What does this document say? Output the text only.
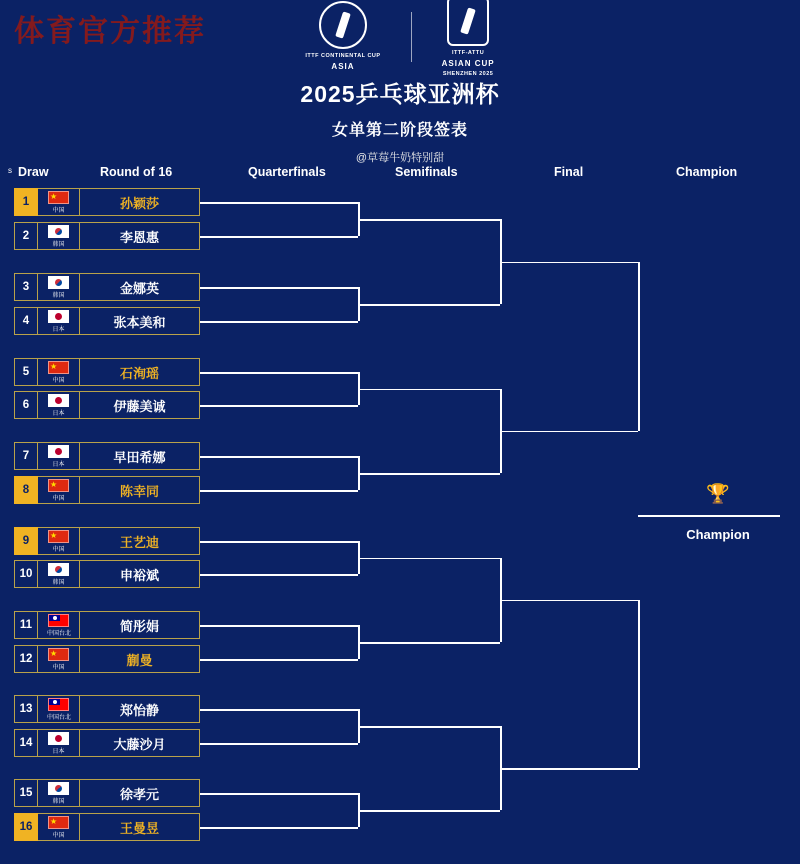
体育官方推荐
ITTF CONTINENTAL CUP
ASIA
ITTF-ATTU
ASIAN CUP
SHENZHEN 2025
2025乒乓球亚洲杯
女单第二阶段签表
@草莓牛奶特别甜
s Draw	Round of 16	Quarterfinals	Semifinals	Final	Champion
1
★
中国	孙颖莎
2
韩国	李恩惠
3
韩国	金娜英
4
日本	张本美和
5
★
中国	石洵瑶
6
日本	伊藤美诚
7
日本	早田希娜
8
★
中国	陈幸同
9
★
中国	王艺迪
10
韩国	申裕斌
11
中国台北	简彤娟
12
★
中国	蒯曼
13
中国台北	郑怡静
14
日本	大藤沙月
15
韩国	徐孝元
16
★
中国	王曼昱
🏆
Champion
